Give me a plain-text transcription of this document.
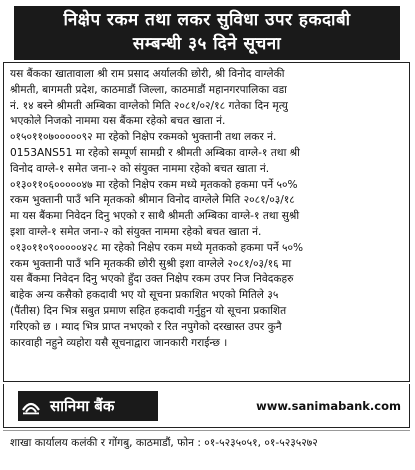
निक्षेप रकम तथा लकर सुविधा उपर हकदाबी
सम्बन्धी ३५ दिने सूचना
यस बैंकका खातावाला श्री राम प्रसाद अर्यालकी छोरी, श्री विनोद वाग्लेकी
श्रीमती, बागमती प्रदेश, काठमाडौं जिल्ला, काठमाडौं महानगरपालिका वडा
नं. १४ बस्ने श्रीमती अम्बिका वाग्लेको मिति २०८१/०२/१८ गतेका दिन मृत्यु
भएकोले निजको नाममा यस बैंकमा रहेको बचत खाता नं.
०१५०११०७०००००९२ मा रहेको निक्षेप रकमको भुक्तानी तथा लकर नं.
0153ANS51 मा रहेको सम्पूर्ण सामग्री र श्रीमती अम्बिका वाग्ले-१ तथा श्री
विनोद वाग्ले-१ समेत जना-२ को संयुक्त नाममा रहेको बचत खाता नं.
०१३०११०६०००००४७ मा रहेको निक्षेप रकम मध्ये मृतकको हकमा पर्ने ५०%
रकम भुक्तानी पाउँ भनि मृतकको श्रीमान विनोद वाग्लेले मिति २०८१/०३/१८
मा यस बैंकमा निवेदन दिनु भएको र साथै श्रीमती अम्बिका वाग्ले-१ तथा सुश्री
इशा वाग्ले-१ समेत जना-२ को संयुक्त नाममा रहेको बचत खाता नं.
०१३०११०९०००००४२८ मा रहेको निक्षेप रकम मध्ये मृतकको हकमा पर्ने ५०%
रकम भुक्तानी पाउँ भनि मृतककी छोरी सुश्री इशा वाग्लेले २०८१/०३/१६ मा
यस बैंकमा निवेदन दिनु भएकाे हुँदा उक्त निक्षेप रकम उपर निज निवेदकहरु
बाहेक अन्य कसैको हकदावी भए यो सूचना प्रकाशित भएको मितिले ३५
(पैंतीस) दिन भित्र सबुत प्रमाण सहित हकदावी गर्नुहुन यो सूचना प्रकाशित
गरिएको छ । म्याद भित्र प्राप्त नभएको र रित नपुगेको दरखास्त उपर कुनै
कारवाही नहुने व्यहोरा यसै सूचनाद्वारा जानकारी गराईन्छ ।
सानिमा बैंक	www.sanimabank.com
शाखा कार्यालय कलंकी र गोंगबु, काठमाडौं, फोन : ०१-५२३५०५१, ०१-५२३५२७२
